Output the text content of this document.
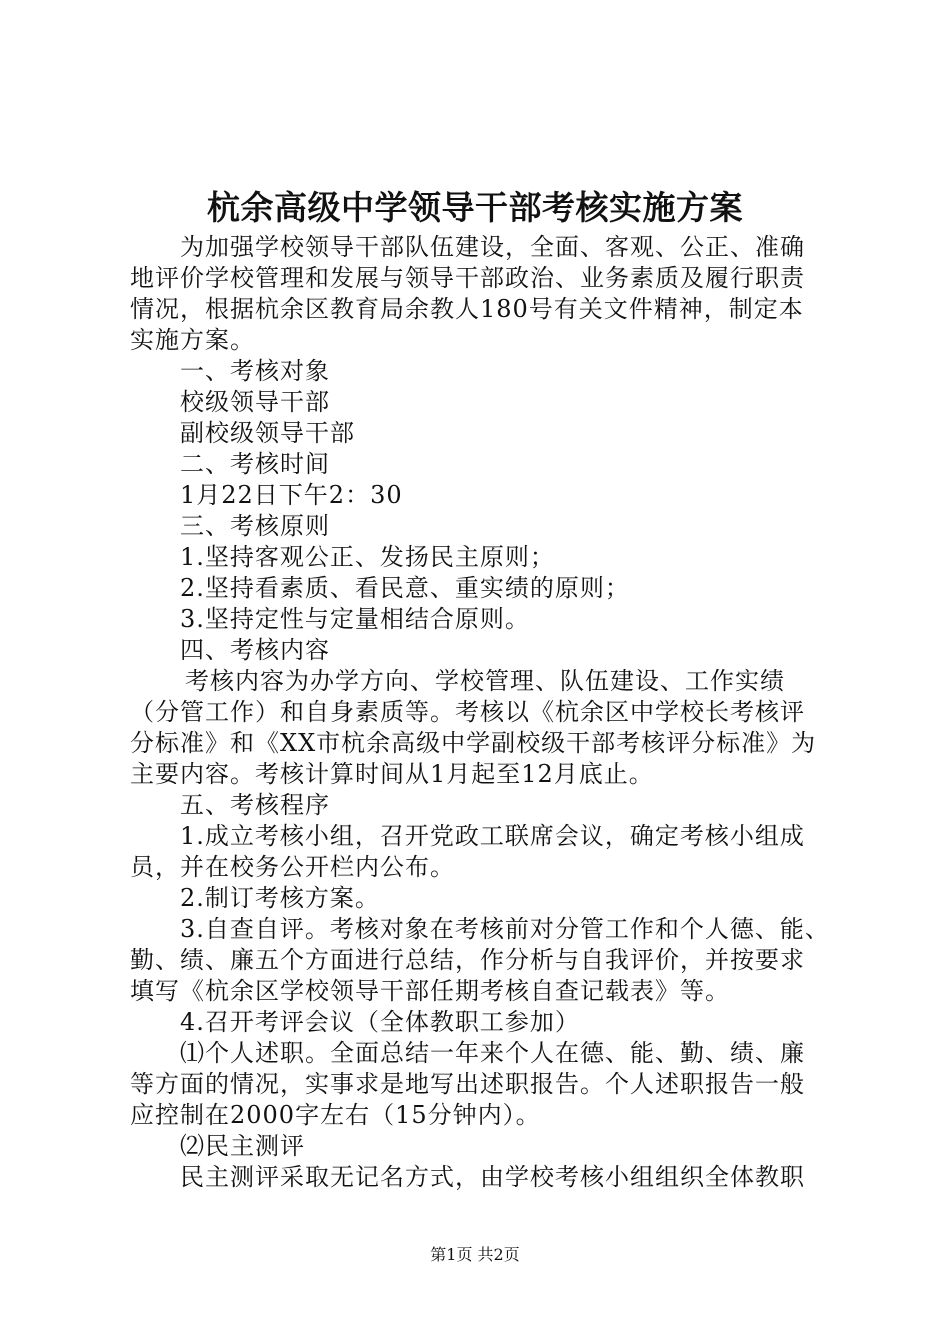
杭余高级中学领导干部考核实施方案

为加强学校领导干部队伍建设，全面、客观、公正、准确

地评价学校管理和发展与领导干部政治、业务素质及履行职责

情况，根据杭余区教育局余教人180号有关文件精神，制定本

实施方案。

一、考核对象

校级领导干部

副校级领导干部

二、考核时间

1月22日下午2：30

三、考核原则

1.坚持客观公正、发扬民主原则；

2.坚持看素质、看民意、重实绩的原则；

3.坚持定性与定量相结合原则。

四、考核内容

考核内容为办学方向、学校管理、队伍建设、工作实绩

（分管工作）和自身素质等。考核以《杭余区中学校长考核评

分标准》和《XX市杭余高级中学副校级干部考核评分标准》为

主要内容。考核计算时间从1月起至12月底止。

五、考核程序

1.成立考核小组，召开党政工联席会议，确定考核小组成

员，并在校务公开栏内公布。

2.制订考核方案。

3.自查自评。考核对象在考核前对分管工作和个人德、能、

勤、绩、廉五个方面进行总结，作分析与自我评价，并按要求

填写《杭余区学校领导干部任期考核自查记载表》等。

4.召开考评会议（全体教职工参加）

⑴个人述职。全面总结一年来个人在德、能、勤、绩、廉

等方面的情况，实事求是地写出述职报告。个人述职报告一般

应控制在2000字左右（15分钟内）。

⑵民主测评

民主测评采取无记名方式，由学校考核小组组织全体教职

第1页 共2页
